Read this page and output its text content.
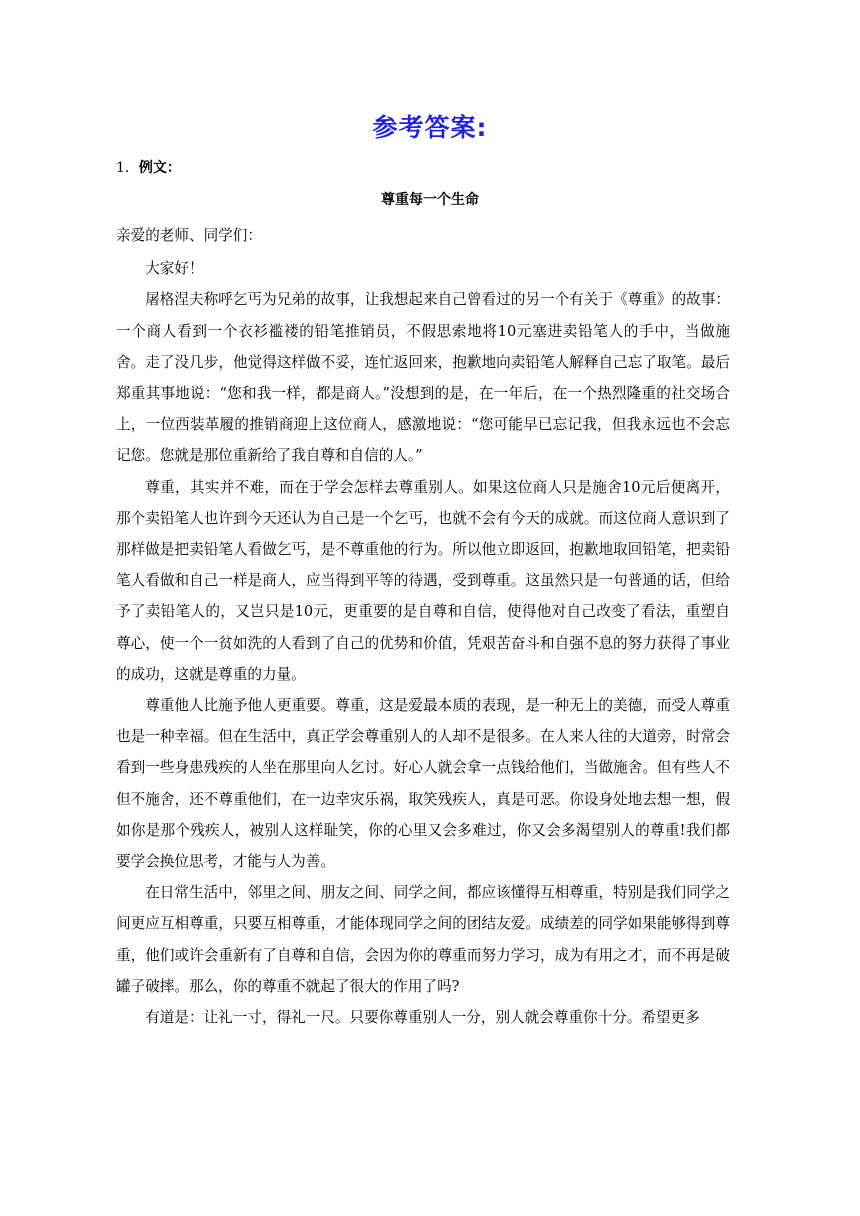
参考答案:
1．例文：
尊重每一个生命

亲爱的老师、同学们：

大家好！

屠格涅夫称呼乞丐为兄弟的故事，让我想起来自己曾看过的另一个有关于《尊重》的故事：一个商人看到一个衣衫褴褛的铅笔推销员，不假思索地将10元塞进卖铅笔人的手中，当做施舍。走了没几步，他觉得这样做不妥，连忙返回来，抱歉地向卖铅笔人解释自己忘了取笔。最后郑重其事地说：“您和我一样，都是商人。”没想到的是，在一年后，在一个热烈隆重的社交场合上，一位西装革履的推销商迎上这位商人，感激地说：“您可能早已忘记我，但我永远也不会忘记您。您就是那位重新给了我自尊和自信的人。”

尊重，其实并不难，而在于学会怎样去尊重别人。如果这位商人只是施舍10元后便离开，那个卖铅笔人也许到今天还认为自己是一个乞丐，也就不会有今天的成就。而这位商人意识到了那样做是把卖铅笔人看做乞丐，是不尊重他的行为。所以他立即返回，抱歉地取回铅笔，把卖铅笔人看做和自己一样是商人，应当得到平等的待遇，受到尊重。这虽然只是一句普通的话，但给予了卖铅笔人的，又岂只是10元，更重要的是自尊和自信，使得他对自己改变了看法，重塑自尊心，使一个一贫如洗的人看到了自己的优势和价值，凭艰苦奋斗和自强不息的努力获得了事业的成功，这就是尊重的力量。

尊重他人比施予他人更重要。尊重，这是爱最本质的表现，是一种无上的美德，而受人尊重也是一种幸福。但在生活中，真正学会尊重别人的人却不是很多。在人来人往的大道旁，时常会看到一些身患残疾的人坐在那里向人乞讨。好心人就会拿一点钱给他们，当做施舍。但有些人不但不施舍，还不尊重他们，在一边幸灾乐祸，取笑残疾人，真是可恶。你设身处地去想一想，假如你是那个残疾人，被别人这样耻笑，你的心里又会多难过，你又会多渴望别人的尊重!我们都要学会换位思考，才能与人为善。

在日常生活中，邻里之间、朋友之间、同学之间，都应该懂得互相尊重，特别是我们同学之间更应互相尊重，只要互相尊重，才能体现同学之间的团结友爱。成绩差的同学如果能够得到尊重，他们或许会重新有了自尊和自信，会因为你的尊重而努力学习，成为有用之才，而不再是破罐子破摔。那么，你的尊重不就起了很大的作用了吗?

有道是：让礼一寸，得礼一尺。只要你尊重别人一分，别人就会尊重你十分。希望更多
